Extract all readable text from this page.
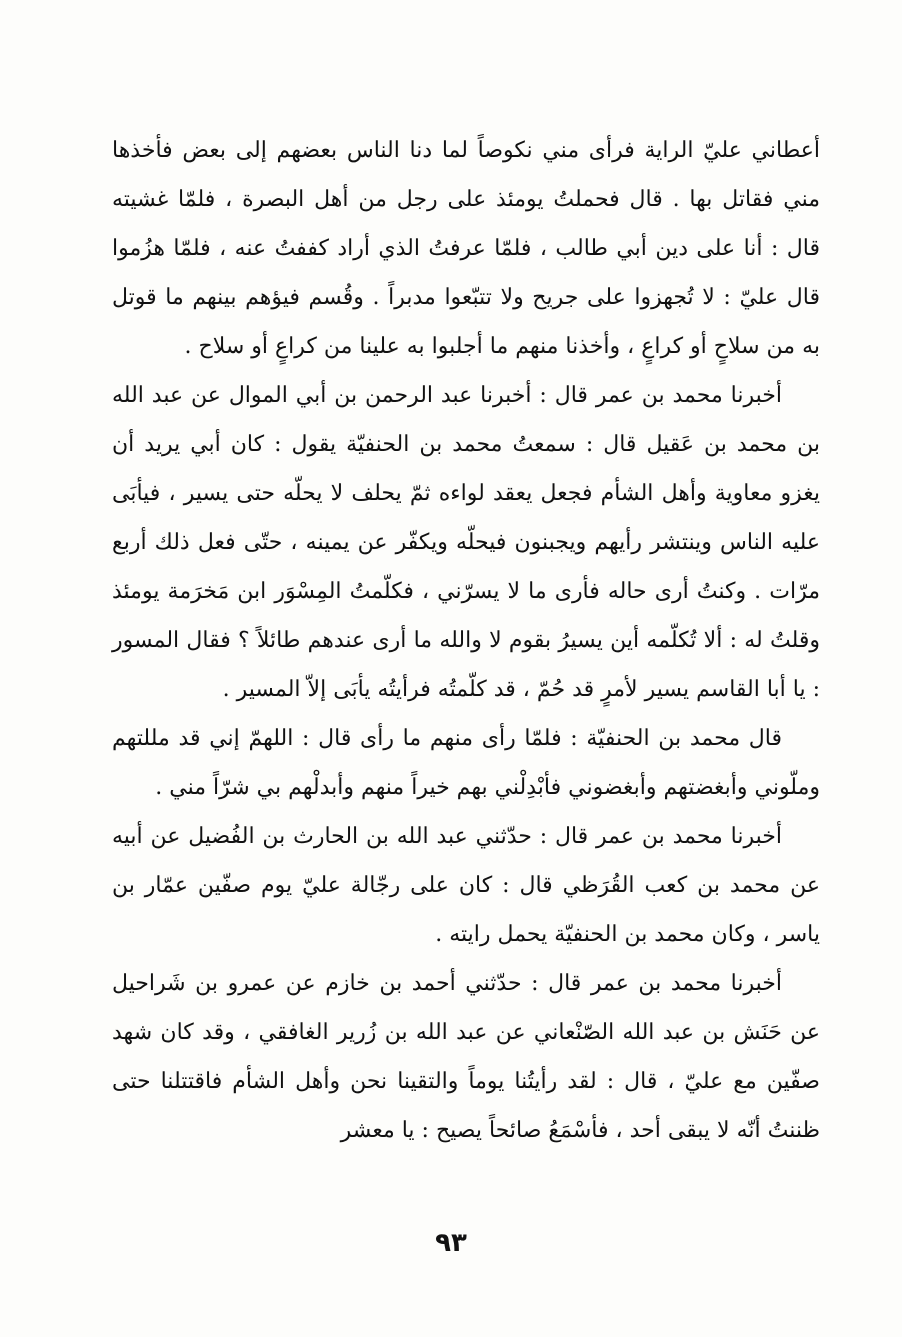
أعطاني عليّ الراية فرأى مني نكوصاً لما دنا الناس بعضهم إلى بعض فأخذها مني فقاتل بها . قال فحملتُ يومئذ على رجل من أهل البصرة ، فلمّا غشيته قال : أنا على دين أبي طالب ، فلمّا عرفتُ الذي أراد كففتُ عنه ، فلمّا هزُموا قال عليّ : لا تُجهزوا على جريح ولا تتبّعوا مدبراً . وقُسم فيؤهم بينهم ما قوتل به من سلاحٍ أو كراعٍ ، وأخذنا منهم ما أجلبوا به علينا من كراعٍ أو سلاح .

أخبرنا محمد بن عمر قال : أخبرنا عبد الرحمن بن أبي الموال عن عبد الله بن محمد بن عَقيل قال : سمعتُ محمد بن الحنفيّة يقول : كان أبي يريد أن يغزو معاوية وأهل الشأم فجعل يعقد لواءه ثمّ يحلف لا يحلّه حتى يسير ، فيأبَى عليه الناس وينتشر رأيهم ويجبنون فيحلّه ويكفّر عن يمينه ، حتّى فعل ذلك أربع مرّات . وكنتُ أرى حاله فأرى ما لا يسرّني ، فكلّمتُ المِسْوَر ابن مَخرَمة يومئذ وقلتُ له : ألا تُكلّمه أين يسيرُ بقوم لا والله ما أرى عندهم طائلاً ؟ فقال المسور : يا أبا القاسم يسير لأمرٍ قد حُمّ ، قد كلّمتُه فرأيتُه يأبَى إلاّ المسير .

قال محمد بن الحنفيّة : فلمّا رأى منهم ما رأى قال : اللهمّ إني قد مللتهم وملّوني وأبغضتهم وأبغضوني فأبْدِلْني بهم خيراً منهم وأبدلْهم بي شرّاً مني .

أخبرنا محمد بن عمر قال : حدّثني عبد الله بن الحارث بن الفُضيل عن أبيه عن محمد بن كعب القُرَظي قال : كان على رجّالة عليّ يوم صفّين عمّار بن ياسر ، وكان محمد بن الحنفيّة يحمل رايته .

أخبرنا محمد بن عمر قال : حدّثني أحمد بن خازم عن عمرو بن شَراحيل عن حَنَش بن عبد الله الصّنْعاني عن عبد الله بن زُرير الغافقي ، وقد كان شهد صفّين مع عليّ ، قال : لقد رأيتُنا يوماً والتقينا نحن وأهل الشأم فاقتتلنا حتى ظننتُ أنّه لا يبقى أحد ، فأسْمَعُ صائحاً يصيح : يا معشر

٩٣
